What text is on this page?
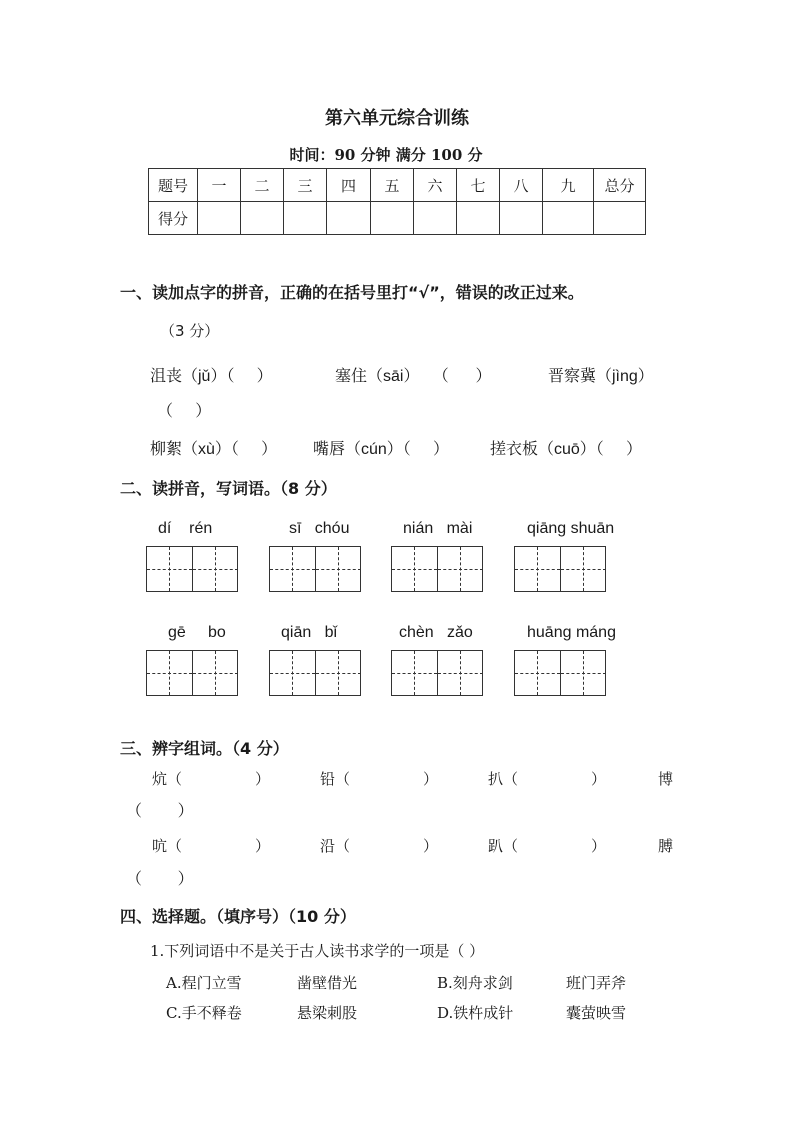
第六单元综合训练
时间：90 分钟 满分 100 分
题号	一	二	三	四	五	六	七	八	九	总分
得分										
一、读加点字的拼音，正确的在括号里打“√”，错误的改正过来。
（3 分）
沮丧（jǔ）（     ）	塞住（sāi）   （      ）	晋察冀（jìng）
（     ）
柳絮（xù）（     ） 嘴唇（cún）（     ）	搓衣板（cuō）（     ）
二、读拼音，写词语。（8 分）
dí    rén	sī   chóu	nián   mài	qiāng shuān
gē     bo	qiān   bǐ	chèn   zǎo	huāng máng
三、辨字组词。（4 分）
炕（	）	铅（	）	扒（	）	博
（        ）
吭（	）	沿（	）	趴（	）	膊
（        ）
四、选择题。（填序号）（10 分）
1.下列词语中不是关于古人读书求学的一项是（ ）
A.程门立雪	凿壁借光	B.刻舟求剑	班门弄斧
C.手不释卷	悬梁刺股	D.铁杵成针	囊萤映雪
